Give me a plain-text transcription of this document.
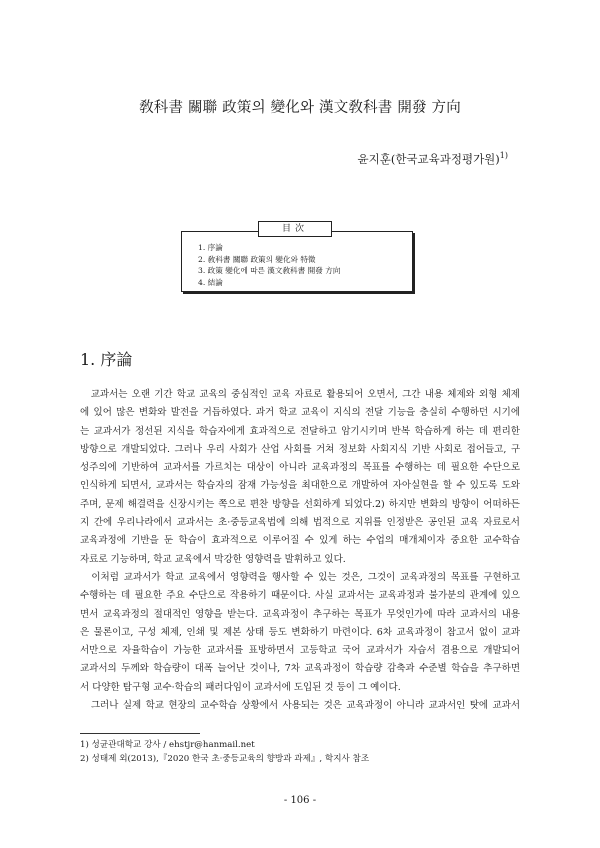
敎科書 關聯 政策의 變化와 漢文敎科書 開發 方向
윤지훈(한국교육과정평가원)$^{1)}$
目次
1. 序論
2. 敎科書 關聯 政策의 變化와 特徵
3. 政策 變化에 따른 漢文敎科書 開發 方向
4. 結論
1. 序論
　교과서는 오랜 기간 학교 교육의 중심적인 교육 자료로 활용되어 오면서, 그간 내용 체제와 외형 체제
에 있어 많은 변화와 발전을 거듭하였다. 과거 학교 교육이 지식의 전달 기능을 충실히 수행하던 시기에
는 교과서가 정선된 지식을 학습자에게 효과적으로 전달하고 암기시키며 반복 학습하게 하는 데 편리한
방향으로 개발되었다. 그러나 우리 사회가 산업 사회를 거쳐 정보화 사회지식 기반 사회로 접어들고, 구
성주의에 기반하여 교과서를 가르치는 대상이 아니라 교육과정의 목표를 수행하는 데 필요한 수단으로
인식하게 되면서, 교과서는 학습자의 잠재 가능성을 최대한으로 개발하여 자아실현을 할 수 있도록 도와
주며, 문제 해결력을 신장시키는 쪽으로 편찬 방향을 선회하게 되었다.2) 하지만 변화의 방향이 어떠하든
지 간에 우리나라에서 교과서는 초·중등교육법에 의해 법적으로 지위를 인정받은 공인된 교육 자료로서
교육과정에 기반을 둔 학습이 효과적으로 이루어질 수 있게 하는 수업의 매개체이자 중요한 교수학습
자료로 기능하며, 학교 교육에서 막강한 영향력을 발휘하고 있다.
　이처럼 교과서가 학교 교육에서 영향력을 행사할 수 있는 것은, 그것이 교육과정의 목표를 구현하고
수행하는 데 필요한 주요 수단으로 작용하기 때문이다. 사실 교과서는 교육과정과 불가분의 관계에 있으
면서 교육과정의 절대적인 영향을 받는다. 교육과정이 추구하는 목표가 무엇인가에 따라 교과서의 내용
은 물론이고, 구성 체제, 인쇄 및 제본 상태 등도 변화하기 마련이다. 6차 교육과정이 참고서 없이 교과
서만으로 자율학습이 가능한 교과서를 표방하면서 고등학교 국어 교과서가 자습서 겸용으로 개발되어
교과서의 두께와 학습량이 대폭 늘어난 것이나, 7차 교육과정이 학습량 감축과 수준별 학습을 추구하면
서 다양한 탐구형 교수·학습의 패러다임이 교과서에 도입된 것 등이 그 예이다.
　그러나 실제 학교 현장의 교수학습 상황에서 사용되는 것은 교육과정이 아니라 교과서인 탓에 교과서
1) 성균관대학교 강사 / ehstjr@hanmail.net
2) 성태제 외(2013),『2020 한국 초·중등교육의 향방과 과제』, 학지사 참조
- 106 -
